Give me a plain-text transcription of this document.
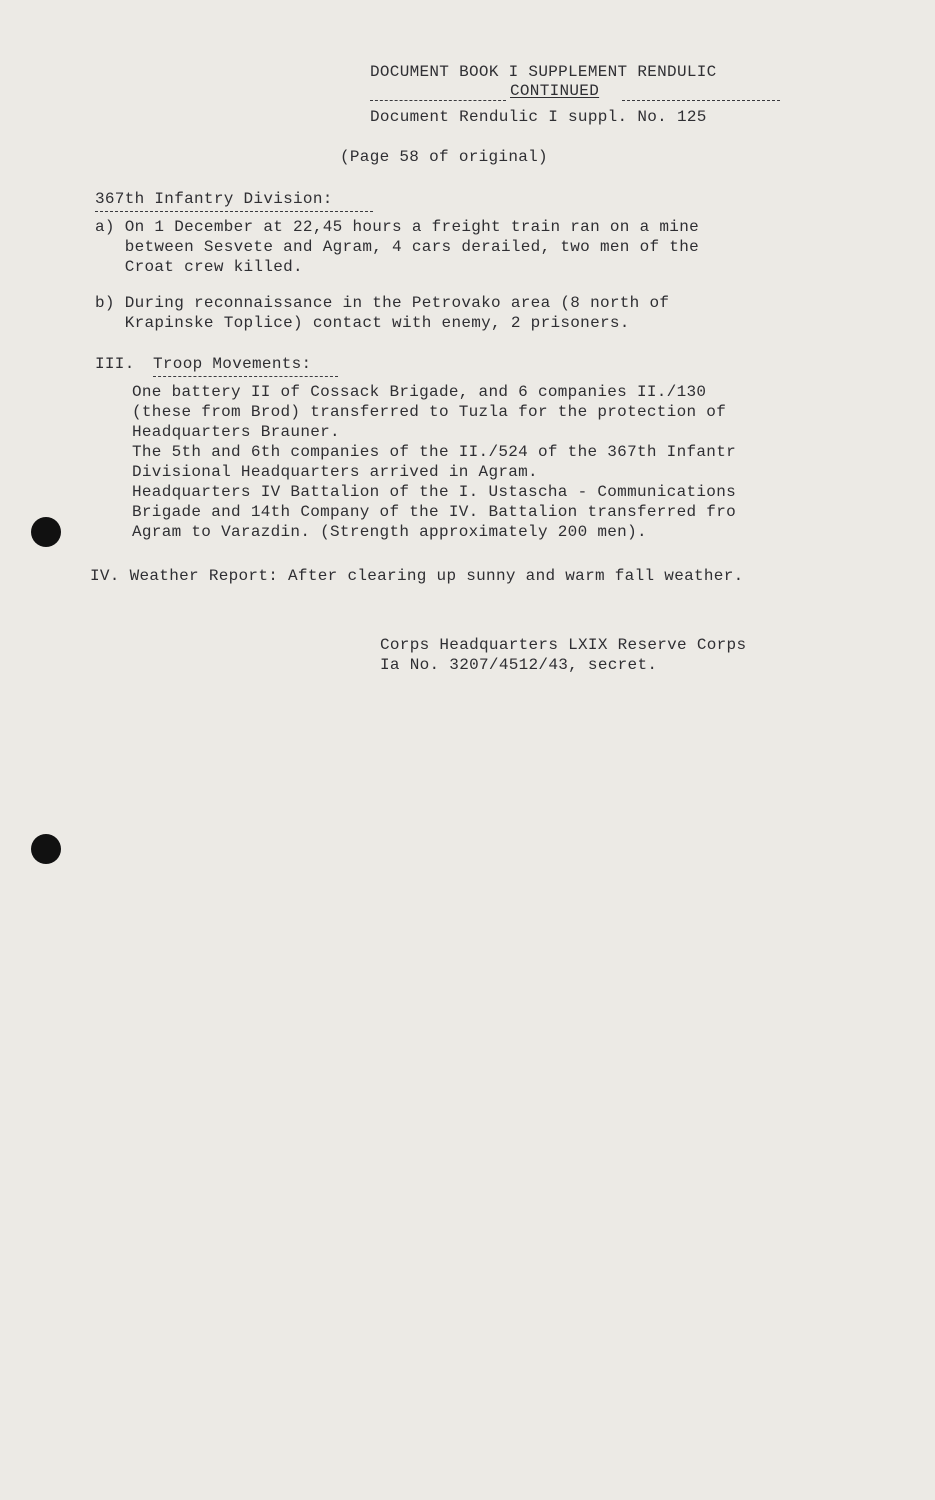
DOCUMENT BOOK I SUPPLEMENT RENDULIC
CONTINUED
Document Rendulic I suppl. No. 125
(Page 58 of original)
367th Infantry Division:
a) On 1 December at 22,45 hours a freight train ran on a mine
between Sesvete and Agram, 4 cars derailed, two men of the
Croat crew killed.
b) During reconnaissance in the Petrovako area (8 north of
Krapinske Toplice) contact with enemy, 2 prisoners.
III. Troop Movements:
One battery II of Cossack Brigade, and 6 companies II./130
(these from Brod) transferred to Tuzla for the protection of
Headquarters Brauner.
The 5th and 6th companies of the II./524 of the 367th Infantr
Divisional Headquarters arrived in Agram.
Headquarters IV Battalion of the I. Ustascha - Communications
Brigade and 14th Company of the IV. Battalion transferred fro
Agram to Varazdin. (Strength approximately 200 men).
IV. Weather Report: After clearing up sunny and warm fall weather.
Corps Headquarters LXIX Reserve Corps
Ia No. 3207/4512/43, secret.
